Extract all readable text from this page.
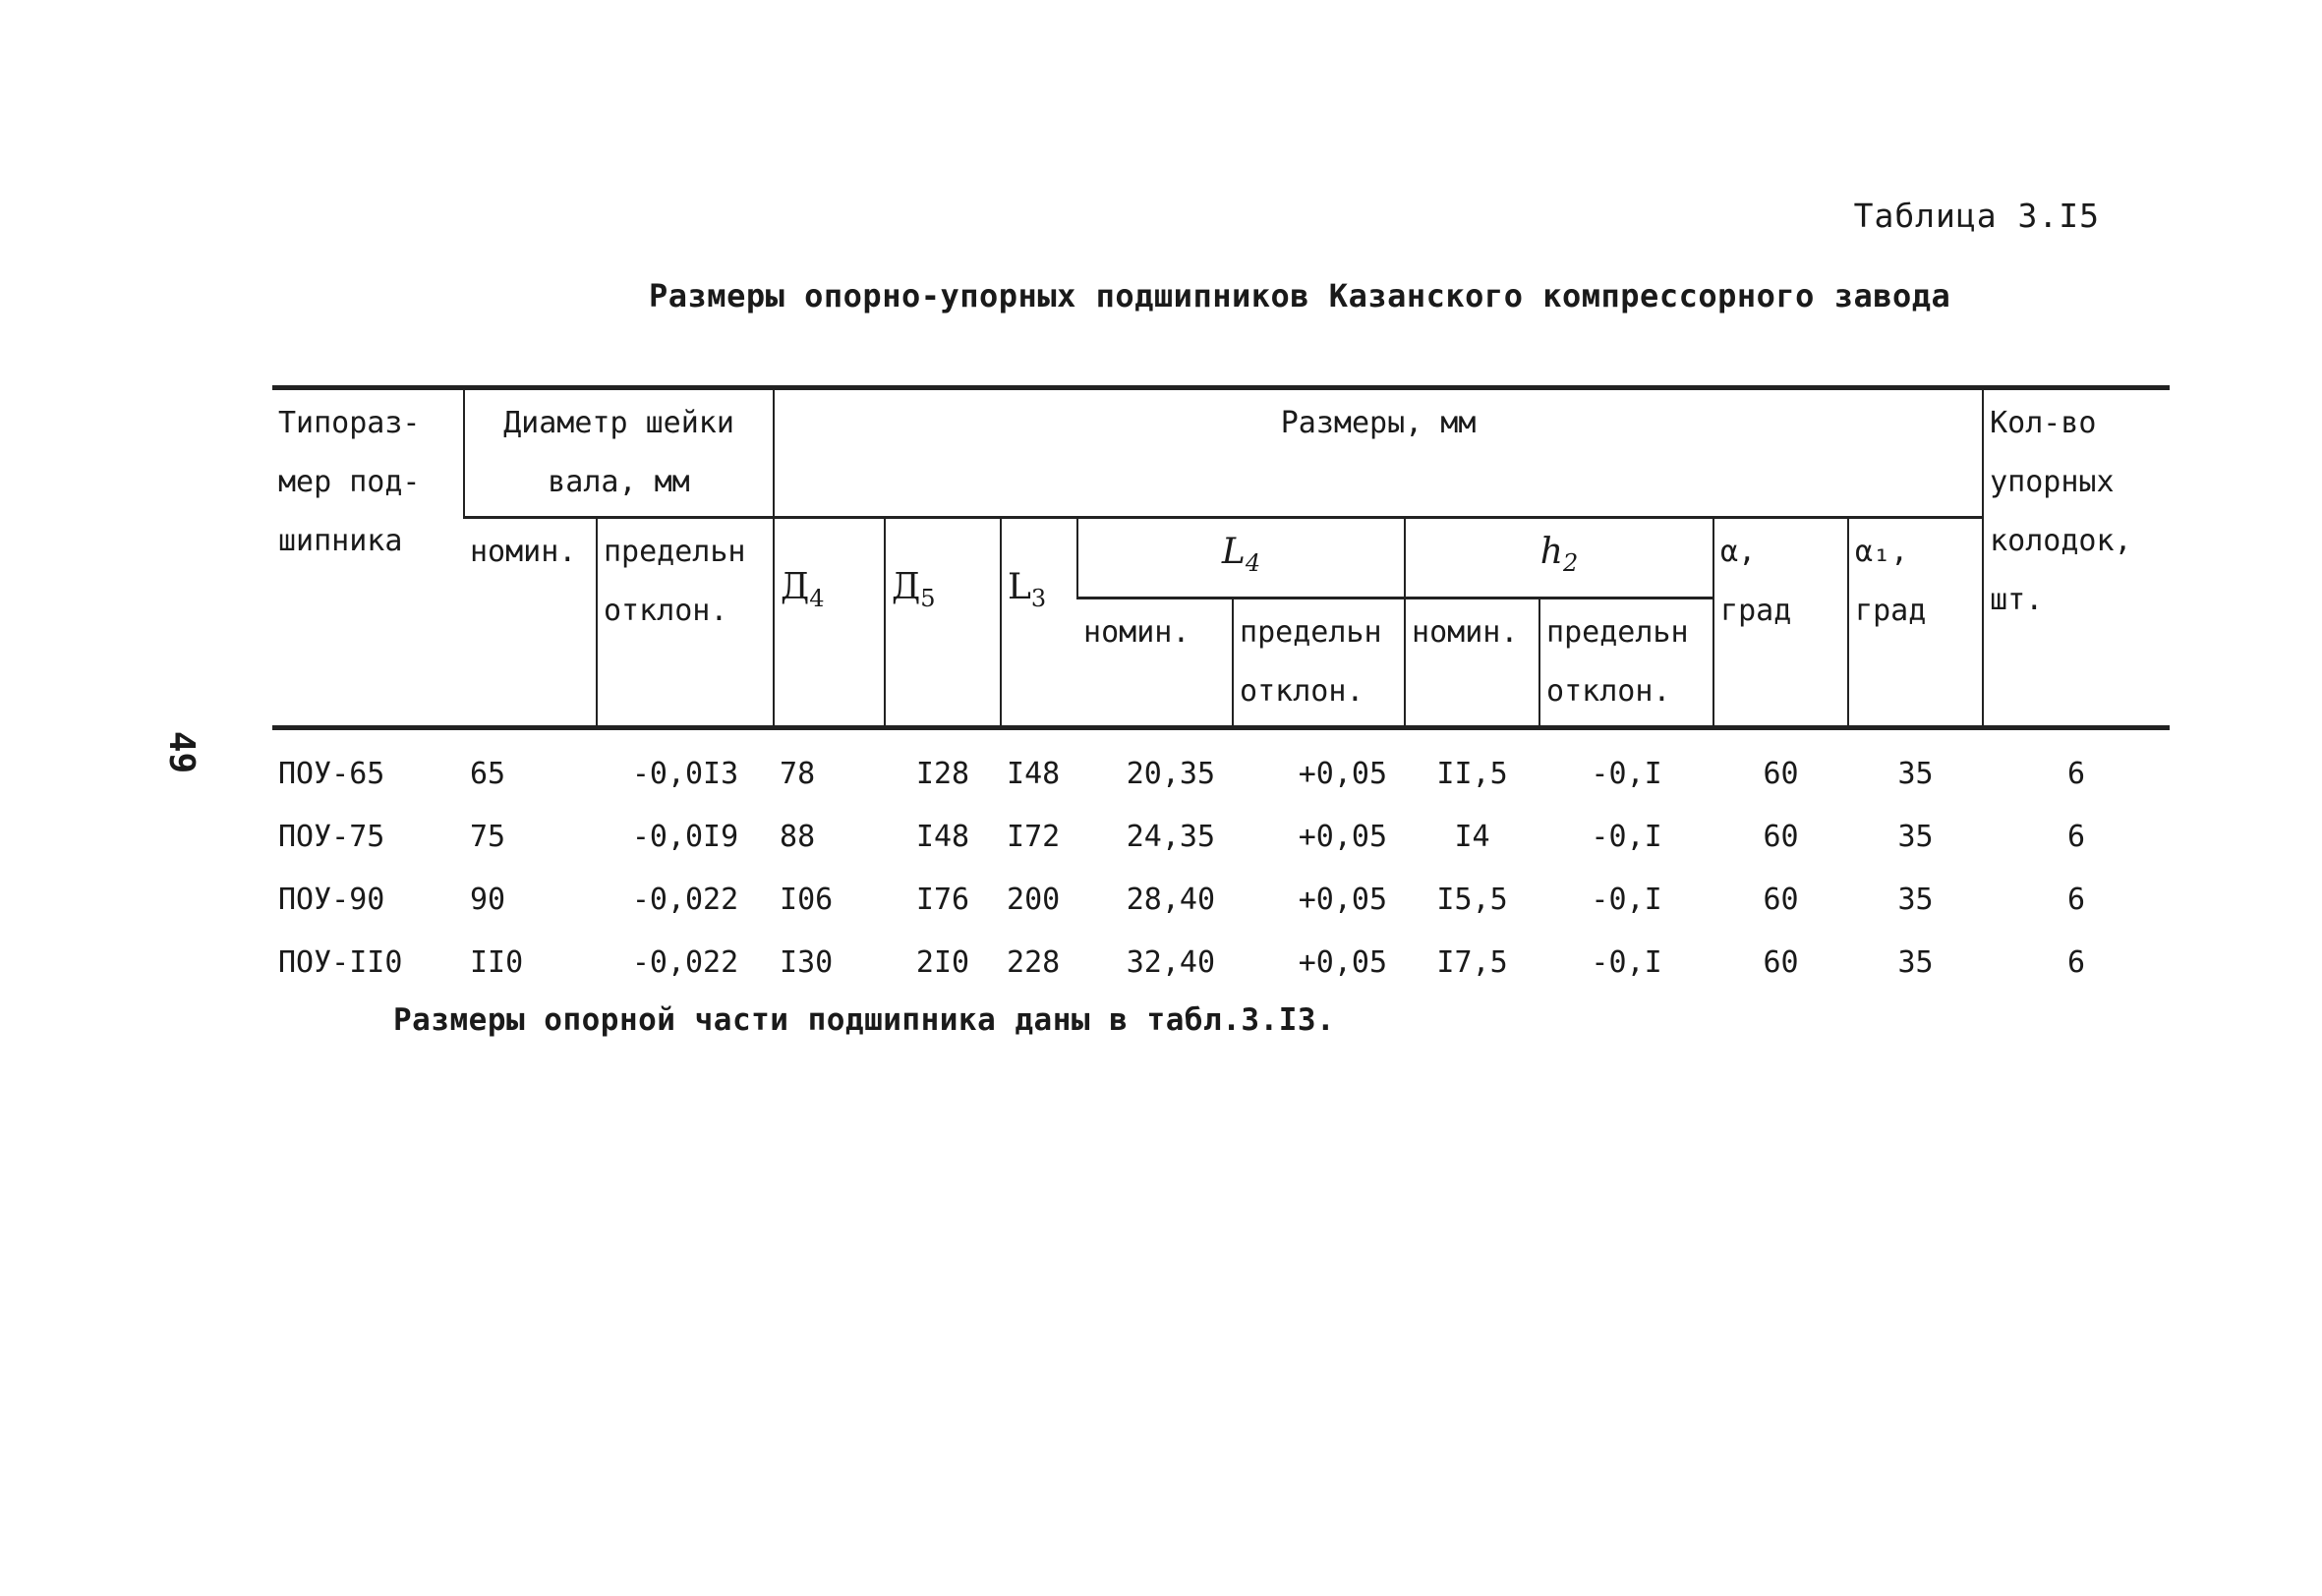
Таблица 3.I5
Размеры опорно-упорных подшипников Казанского компрессорного завода
49
Типораз-мер под-шипника	Диаметр шейки вала, мм		Размеры, мм									Кол-во упорных колодок, шт.
	номин.	предельн отклон.	$Д_4$	$Д_5$	$L_3$	$L_4$		$h_2$		α, град	α₁, град	
						номин.	предельн отклон.	номин.	предельн отклон.			
ПОУ-65	65	-0,0I3	78	I28	I48	20,35	+0,05	II,5	-0,I	60	35	6
ПОУ-75	75	-0,0I9	88	I48	I72	24,35	+0,05	I4	-0,I	60	35	6
ПОУ-90	90	-0,022	I06	I76	200	28,40	+0,05	I5,5	-0,I	60	35	6
ПОУ-II0	II0	-0,022	I30	2I0	228	32,40	+0,05	I7,5	-0,I	60	35	6
Размеры опорной части подшипника даны в табл.3.I3.
